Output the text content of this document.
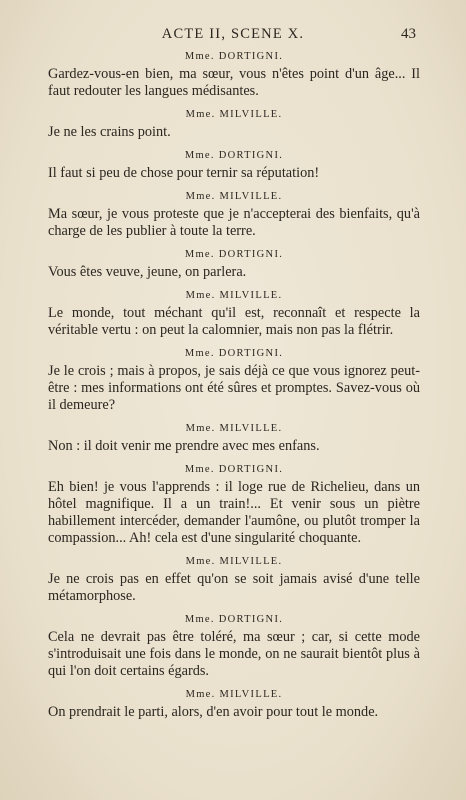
ACTE II, SCENE X.	43

Mme. DORTIGNI.

Gardez-vous-en bien, ma sœur, vous n'êtes point d'un âge... Il faut redouter les langues médisantes.

Mme. MILVILLE.

Je ne les crains point.

Mme. DORTIGNI.

Il faut si peu de chose pour ternir sa réputation!

Mme. MILVILLE.

Ma sœur, je vous proteste que je n'accepterai des bienfaits, qu'à charge de les publier à toute la terre.

Mme. DORTIGNI.

Vous êtes veuve, jeune, on parlera.

Mme. MILVILLE.

Le monde, tout méchant qu'il est, reconnaît et respecte la véritable vertu : on peut la calomnier, mais non pas la flétrir.

Mme. DORTIGNI.

Je le crois ; mais à propos, je sais déjà ce que vous ignorez peut-être : mes informations ont été sûres et promptes. Savez-vous où il demeure?

Mme. MILVILLE.

Non : il doit venir me prendre avec mes enfans.

Mme. DORTIGNI.

Eh bien! je vous l'apprends : il loge rue de Richelieu, dans un hôtel magnifique. Il a un train!... Et venir sous un piètre habillement intercéder, demander l'aumône, ou plutôt tromper la compassion... Ah! cela est d'une singularité choquante.

Mme. MILVILLE.

Je ne crois pas en effet qu'on se soit jamais avisé d'une telle métamorphose.

Mme. DORTIGNI.

Cela ne devrait pas être toléré, ma sœur ; car, si cette mode s'introduisait une fois dans le monde, on ne saurait bientôt plus à qui l'on doit certains égards.

Mme. MILVILLE.

On prendrait le parti, alors, d'en avoir pour tout le monde.
